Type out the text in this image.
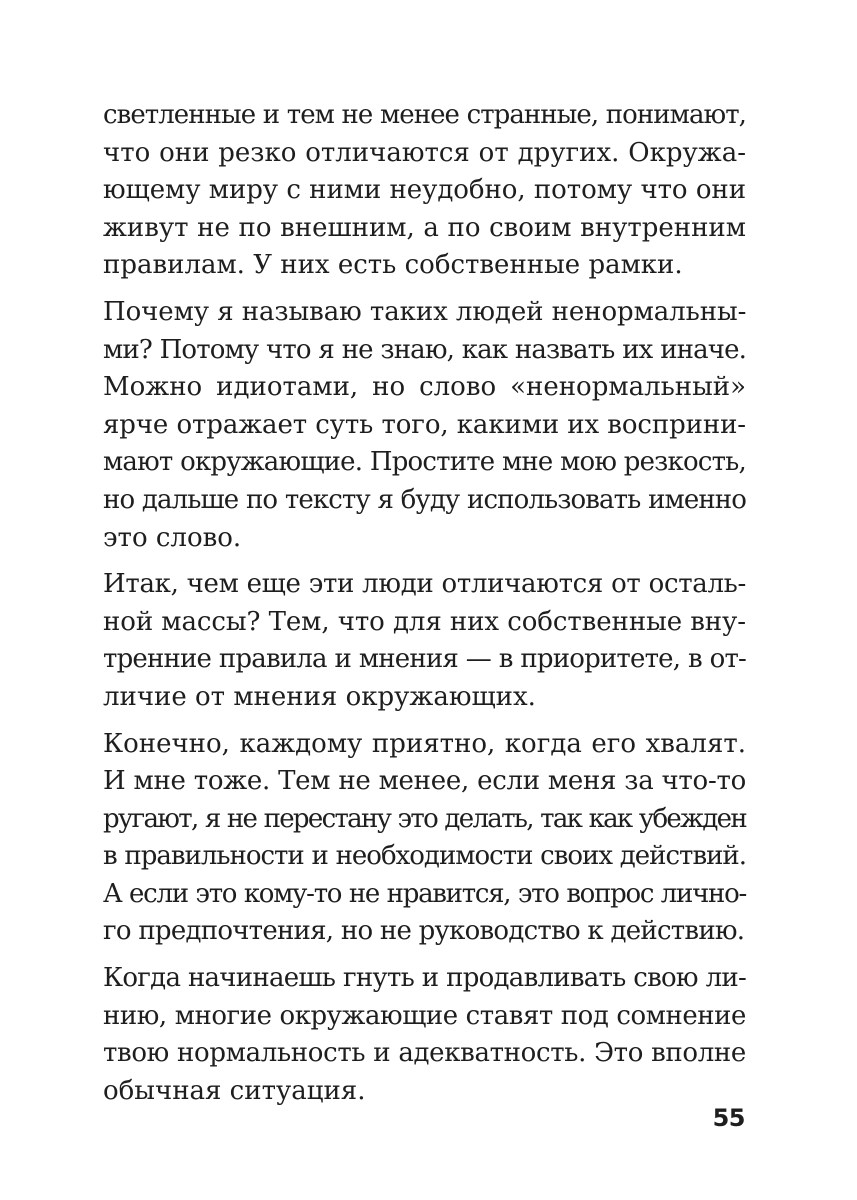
светленные и тем не менее странные, понимают,
что они резко отличаются от других. Окружа-
ющему миру с ними неудобно, потому что они
живут не по внешним, а по своим внутренним
правилам. У них есть собственные рамки.

Почему я называю таких людей ненормальны-
ми? Потому что я не знаю, как назвать их иначе.
Можно идиотами, но слово «ненормальный»
ярче отражает суть того, какими их восприни-
мают окружающие. Простите мне мою резкость,
но дальше по тексту я буду использовать именно
это слово.

Итак, чем еще эти люди отличаются от осталь-
ной массы? Тем, что для них собственные вну-
тренние правила и мнения — в приоритете, в от-
личие от мнения окружающих.

Конечно, каждому приятно, когда его хвалят.
И мне тоже. Тем не менее, если меня за что-то
ругают, я не перестану это делать, так как убежден
в правильности и необходимости своих действий.
А если это кому-то не нравится, это вопрос лично-
го предпочтения, но не руководство к действию.

Когда начинаешь гнуть и продавливать свою ли-
нию, многие окружающие ставят под сомнение
твою нормальность и адекватность. Это вполне
обычная ситуация.

55
